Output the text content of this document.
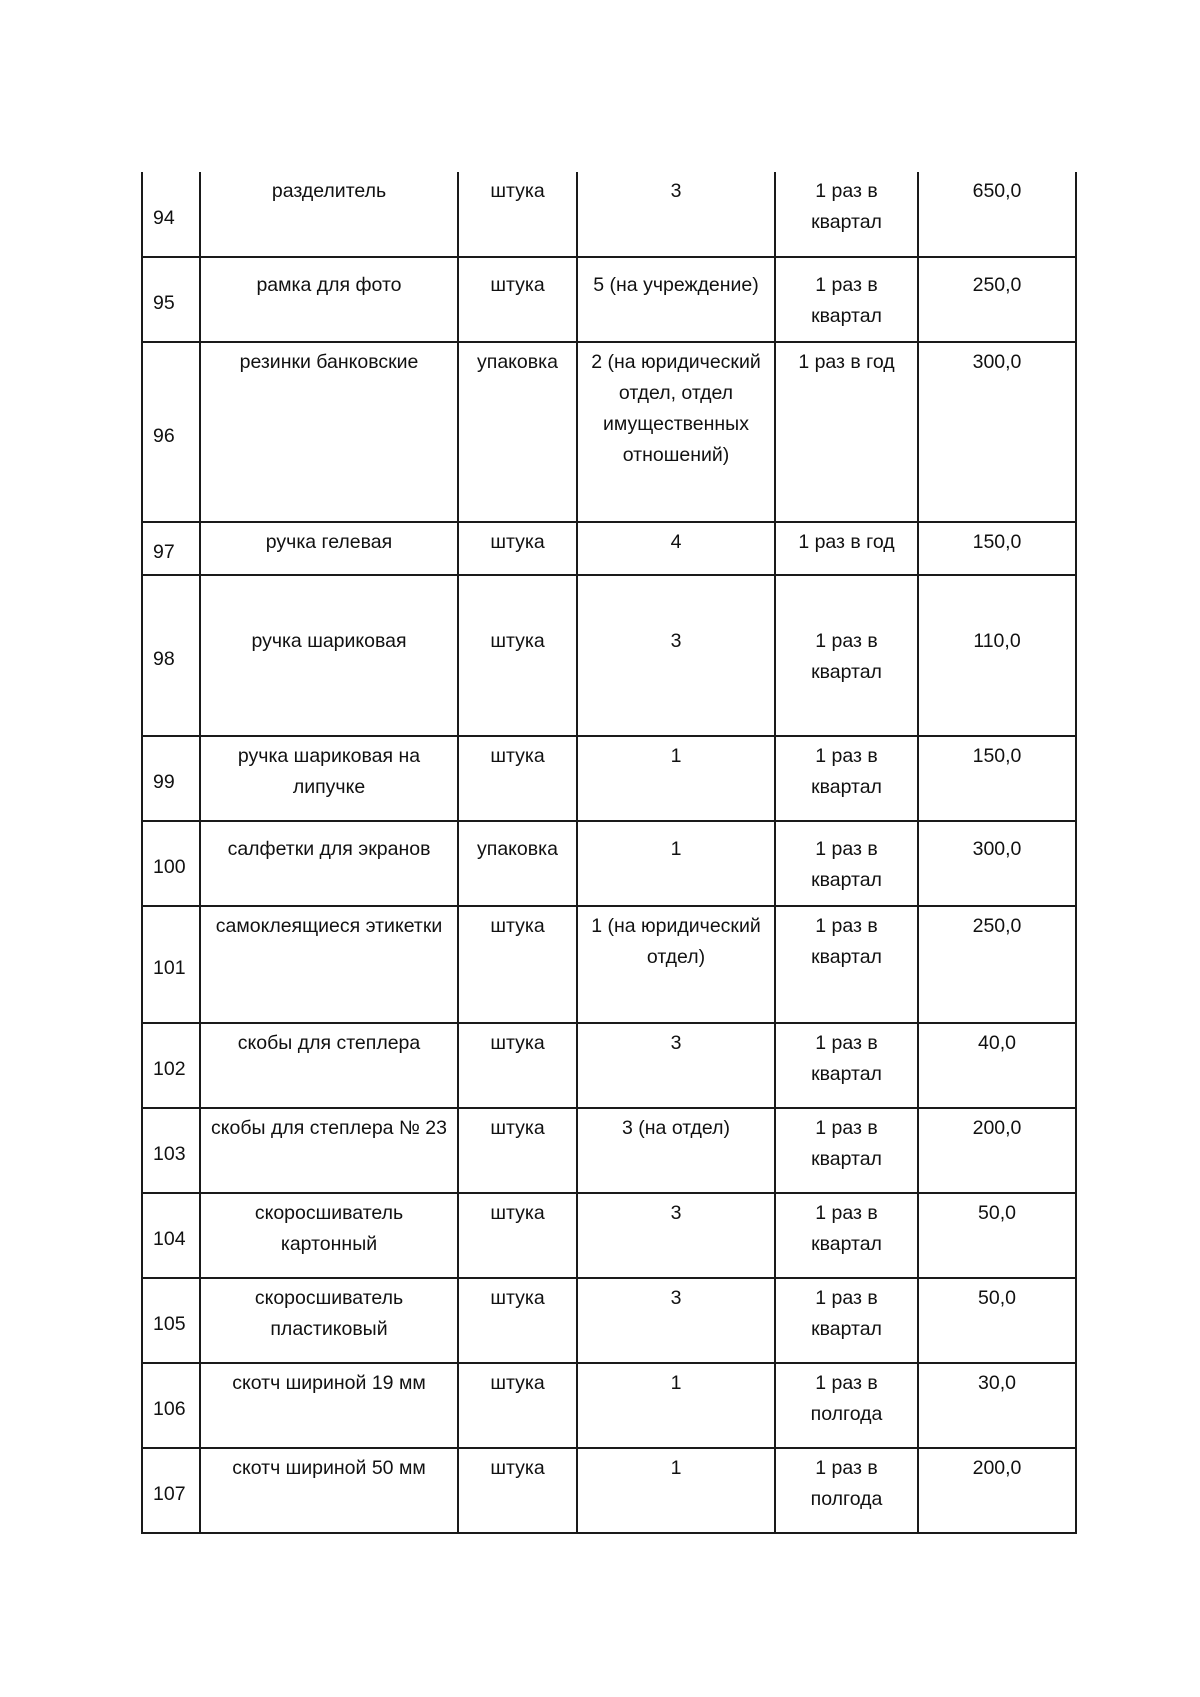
94	разделитель	штука	3	1 раз в квартал	650,0
95	рамка для фото	штука	5 (на учреждение)	1 раз в квартал	250,0
96	резинки банковские	упаковка	2 (на юридический отдел, отдел имущественных отношений)	1 раз в год	300,0
97	ручка гелевая	штука	4	1 раз в год	150,0
98	ручка шариковая	штука	3	1 раз в квартал	110,0
99	ручка шариковая на липучке	штука	1	1 раз в квартал	150,0
100	салфетки для экранов	упаковка	1	1 раз в квартал	300,0
101	самоклеящиеся этикетки	штука	1 (на юридический отдел)	1 раз в квартал	250,0
102	скобы для степлера	штука	3	1 раз в квартал	40,0
103	скобы для степлера № 23	штука	3 (на отдел)	1 раз в квартал	200,0
104	скоросшиватель картонный	штука	3	1 раз в квартал	50,0
105	скоросшиватель пластиковый	штука	3	1 раз в квартал	50,0
106	скотч шириной 19 мм	штука	1	1 раз в полгода	30,0
107	скотч шириной 50 мм	штука	1	1 раз в полгода	200,0
